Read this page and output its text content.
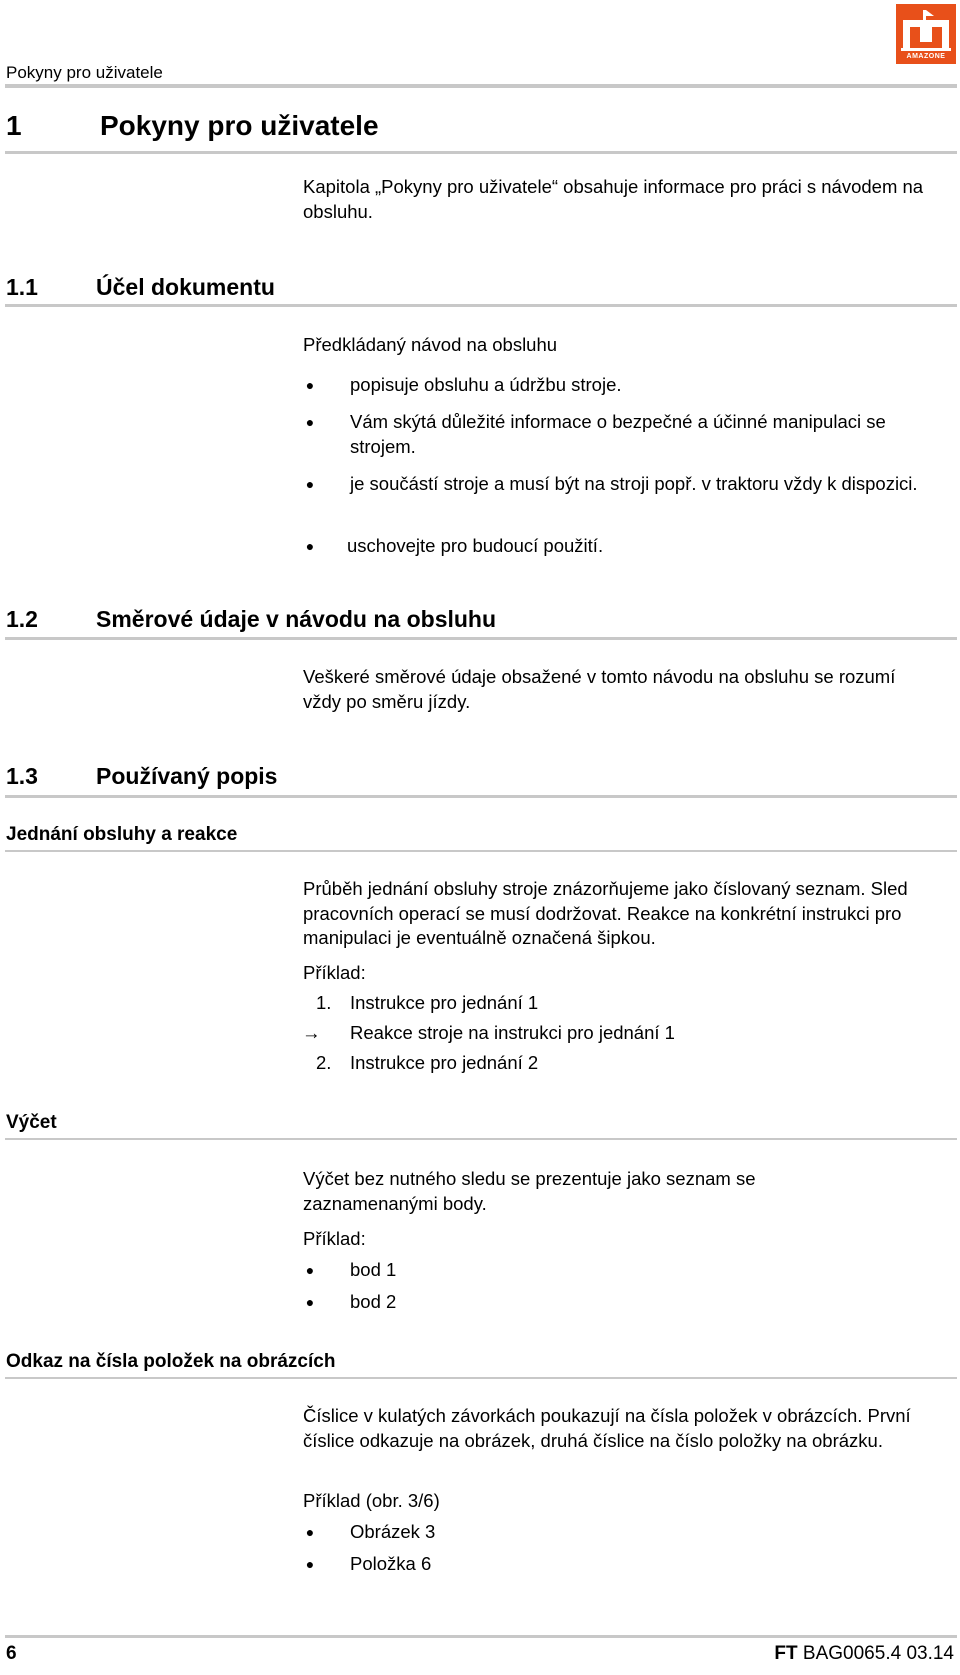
Pokyny pro uživatele
AMAZONE
1	Pokyny pro uživatele
Kapitola „Pokyny pro uživatele“ obsahuje informace pro práci s návodem na obsluhu.
1.1	Účel dokumentu
Předkládaný návod na obsluhu
● popisuje obsluhu a údržbu stroje.
● Vám skýtá důležité informace o bezpečné a účinné manipulaci se strojem.
● je součástí stroje a musí být na stroji popř. v traktoru vždy k dispozici.
● uschovejte pro budoucí použití.
1.2	Směrové údaje v návodu na obsluhu
Veškeré směrové údaje obsažené v tomto návodu na obsluhu se rozumí vždy po směru jízdy.
1.3	Používaný popis
Jednání obsluhy a reakce
Průběh jednání obsluhy stroje znázorňujeme jako číslovaný seznam. Sled pracovních operací se musí dodržovat. Reakce na konkrétní instrukci pro manipulaci je eventuálně označená šipkou.
Příklad:
1. Instrukce pro jednání 1
→ Reakce stroje na instrukci pro jednání 1
2. Instrukce pro jednání 2
Výčet
Výčet bez nutného sledu se prezentuje jako seznam se zaznamenanými body.
Příklad:
● bod 1
● bod 2
Odkaz na čísla položek na obrázcích
Číslice v kulatých závorkách poukazují na čísla položek v obrázcích. První číslice odkazuje na obrázek, druhá číslice na číslo položky na obrázku.
Příklad (obr. 3/6)
● Obrázek 3
● Položka 6
6	FT BAG0065.4 03.14
